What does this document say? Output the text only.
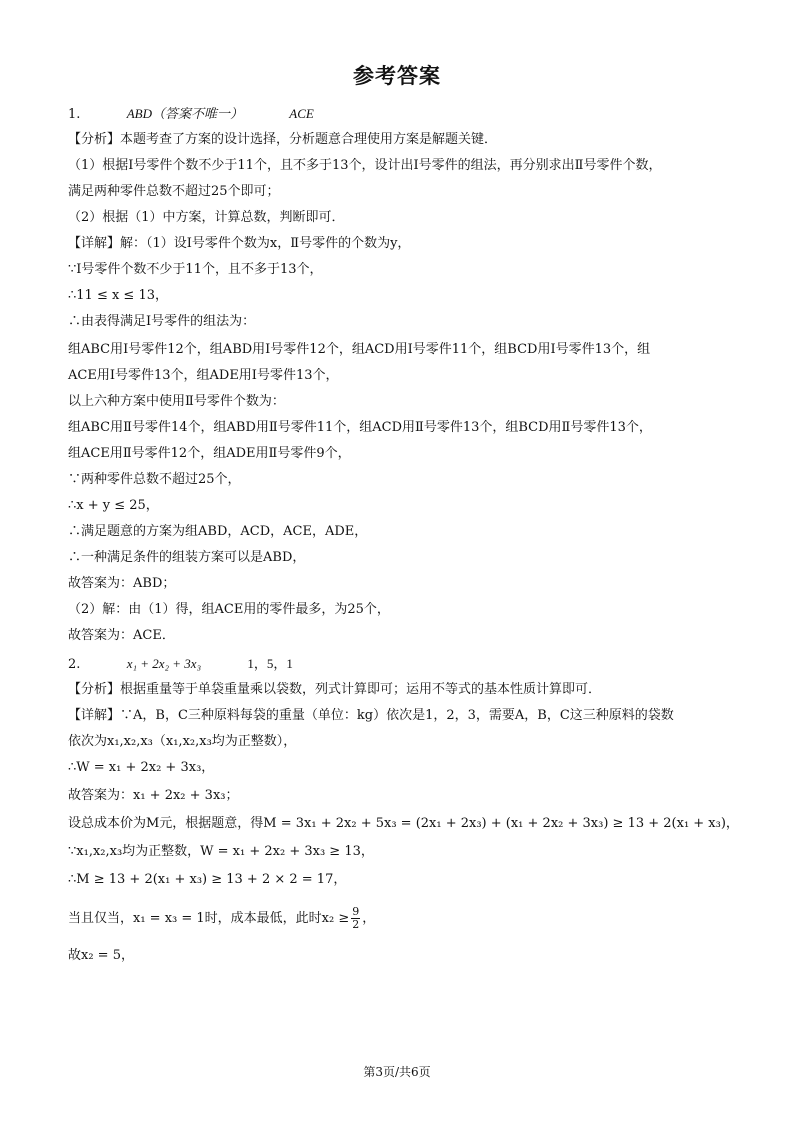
参考答案
1.	ABD（答案不唯一）	ACE
【分析】本题考查了方案的设计选择，分析题意合理使用方案是解题关键．
（1）根据Ⅰ号零件个数不少于11个，且不多于13个，设计出Ⅰ号零件的组法，再分别求出Ⅱ号零件个数，
满足两种零件总数不超过25个即可；
（2）根据（1）中方案，计算总数，判断即可．
【详解】解：（1）设Ⅰ号零件个数为x，Ⅱ号零件的个数为y，
∵Ⅰ号零件个数不少于11个，且不多于13个，
∴11 ≤ x ≤ 13，
∴由表得满足Ⅰ号零件的组法为：
组ABC用Ⅰ号零件12个，组ABD用Ⅰ号零件12个，组ACD用Ⅰ号零件11个，组BCD用Ⅰ号零件13个，组
ACE用Ⅰ号零件13个，组ADE用Ⅰ号零件13个，
以上六种方案中使用Ⅱ号零件个数为：
组ABC用Ⅱ号零件14个，组ABD用Ⅱ号零件11个，组ACD用Ⅱ号零件13个，组BCD用Ⅱ号零件13个，
组ACE用Ⅱ号零件12个，组ADE用Ⅱ号零件9个，
∵两种零件总数不超过25个，
∴x + y ≤ 25，
∴满足题意的方案为组ABD，ACD，ACE，ADE，
∴一种满足条件的组装方案可以是ABD，
故答案为：ABD；
（2）解：由（1）得，组ACE用的零件最多，为25个，
故答案为：ACE．
2.	x₁ + 2x₂ + 3x₃	1，5，1
【分析】根据重量等于单袋重量乘以袋数，列式计算即可；运用不等式的基本性质计算即可．
【详解】∵A，B，C三种原料每袋的重量（单位：kg）依次是1，2，3，需要A，B，C这三种原料的袋数
依次为x₁,x₂,x₃（x₁,x₂,x₃均为正整数），
∴W = x₁ + 2x₂ + 3x₃，
故答案为：x₁ + 2x₂ + 3x₃；
设总成本价为M元，根据题意，得M = 3x₁ + 2x₂ + 5x₃ = (2x₁ + 2x₃) + (x₁ + 2x₂ + 3x₃) ≥ 13 + 2(x₁ + x₃)，
∵x₁,x₂,x₃均为正整数，W = x₁ + 2x₂ + 3x₃ ≥ 13，
∴M ≥ 13 + 2(x₁ + x₃) ≥ 13 + 2 × 2 = 17，
当且仅当，x₁ = x₃ = 1时，成本最低，此时$x_2 \ge \frac{9}{2}$ ，
故x₂ = 5，
第3页/共6页
